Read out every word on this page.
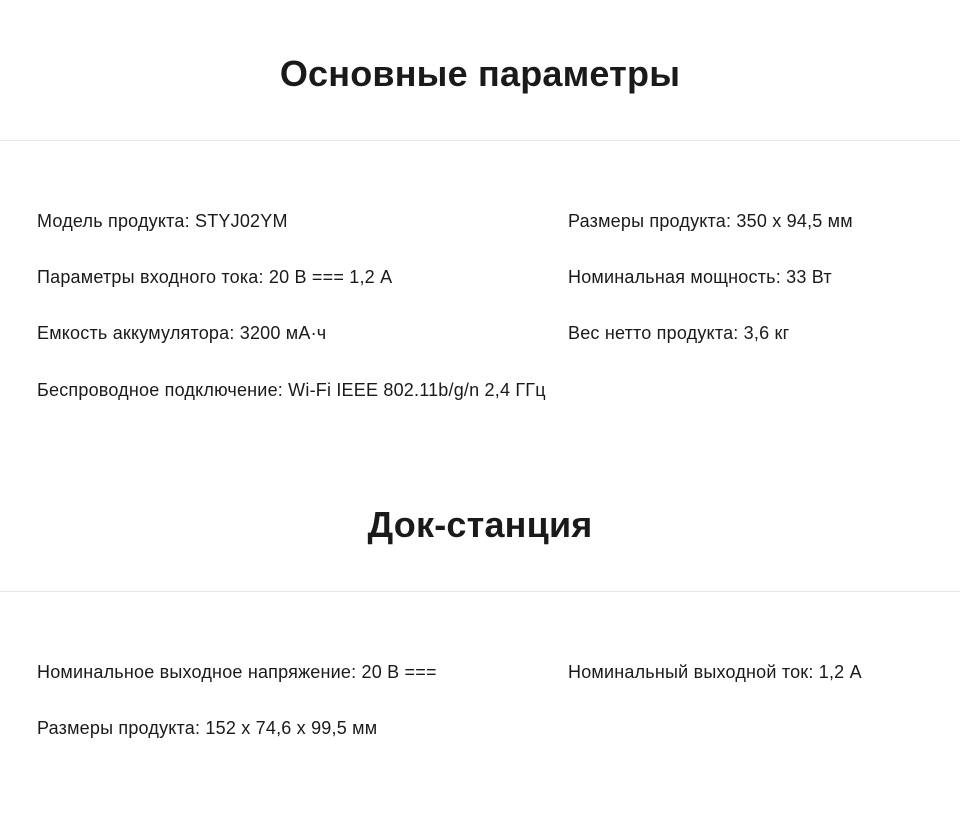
Основные параметры
Модель продукта: STYJ02YM	Размеры продукта: 350 x 94,5 мм
Параметры входного тока: 20 В === 1,2 А	Номинальная мощность: 33 Вт
Емкость аккумулятора: 3200 мА·ч	Вес нетто продукта: 3,6 кг
Беспроводное подключение: Wi-Fi IEEE 802.11b/g/n 2,4 ГГц
Док-станция
Номинальное выходное напряжение: 20 В ===	Номинальный выходной ток: 1,2 А
Размеры продукта: 152 x 74,6 x 99,5 мм
